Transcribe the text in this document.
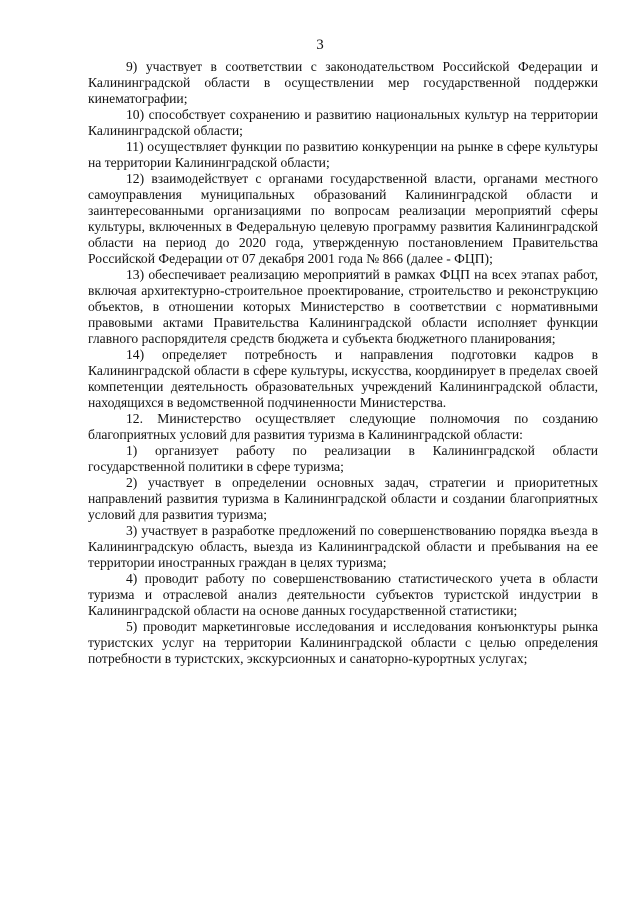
3

9) участвует в соответствии с законодательством Российской Федерации и Калининградской области в осуществлении мер государственной поддержки кинематографии;

10) способствует сохранению и развитию национальных культур на территории Калининградской области;

11) осуществляет функции по развитию конкуренции на рынке в сфере культуры на территории Калининградской области;

12) взаимодействует с органами государственной власти, органами местного самоуправления муниципальных образований Калининградской области и заинтересованными организациями по вопросам реализации мероприятий сферы культуры, включенных в Федеральную целевую программу развития Калининградской области на период до 2020 года, утвержденную постановлением Правительства Российской Федерации от 07 декабря 2001 года № 866 (далее - ФЦП);

13) обеспечивает реализацию мероприятий в рамках ФЦП на всех этапах работ, включая архитектурно-строительное проектирование, строительство и реконструкцию объектов, в отношении которых Министерство в соответствии с нормативными правовыми актами Правительства Калининградской области исполняет функции главного распорядителя средств бюджета и субъекта бюджетного планирования;

14) определяет потребность и направления подготовки кадров в Калининградской области в сфере культуры, искусства, координирует в пределах своей компетенции деятельность образовательных учреждений Калининградской области, находящихся в ведомственной подчиненности Министерства.

12. Министерство осуществляет следующие полномочия по созданию благоприятных условий для развития туризма в Калининградской области:

1) организует работу по реализации в Калининградской области государственной политики в сфере туризма;

2) участвует в определении основных задач, стратегии и приоритетных направлений развития туризма в Калининградской области и создании благоприятных условий для развития туризма;

3) участвует в разработке предложений по совершенствованию порядка въезда в Калининградскую область, выезда из Калининградской области и пребывания на ее территории иностранных граждан в целях туризма;

4) проводит работу по совершенствованию статистического учета в области туризма и отраслевой анализ деятельности субъектов туристской индустрии в Калининградской области на основе данных государственной статистики;

5) проводит маркетинговые исследования и исследования конъюнктуры рынка туристских услуг на территории Калининградской области с целью определения потребности в туристских, экскурсионных и санаторно-курортных услугах;
